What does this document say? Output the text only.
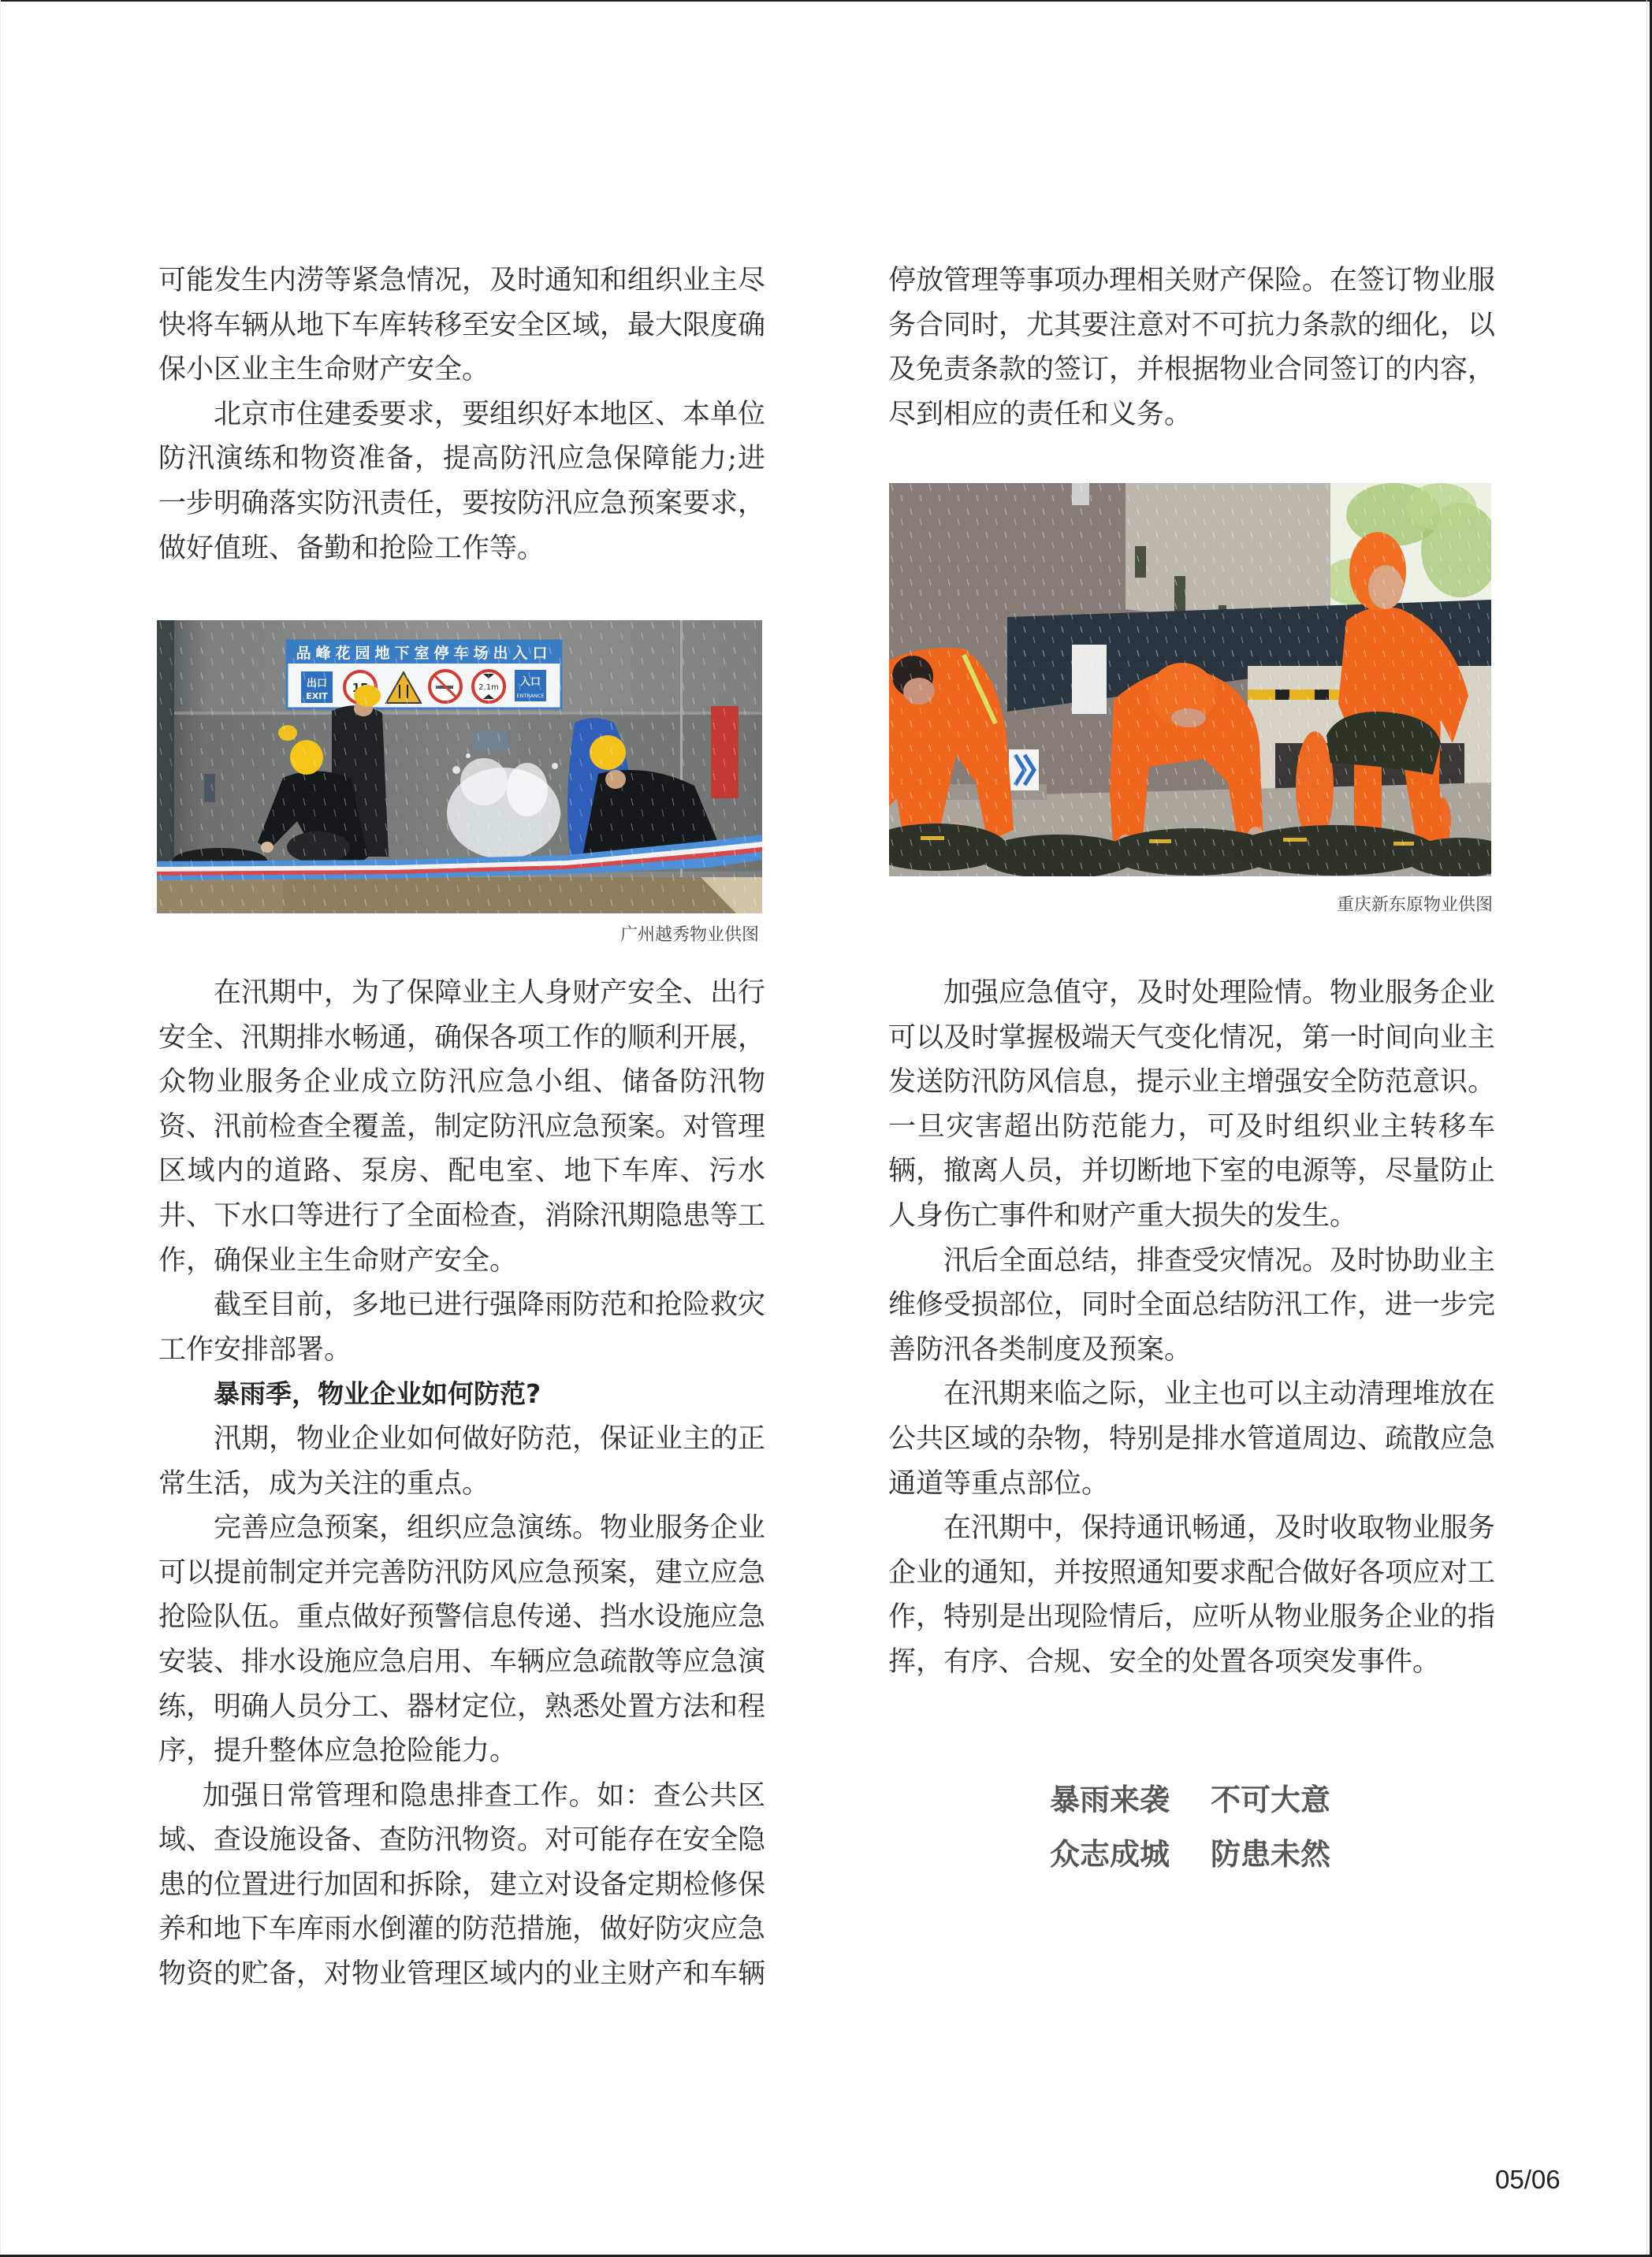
可能发生内涝等紧急情况，及时通知和组织业主尽
快将车辆从地下车库转移至安全区域，最大限度确
保小区业主生命财产安全。
北京市住建委要求，要组织好本地区、本单位
防汛演练和物资准备，提高防汛应急保障能力;进
一步明确落实防汛责任，要按防汛应急预案要求，
做好值班、备勤和抢险工作等。
广州越秀物业供图
在汛期中，为了保障业主人身财产安全、出行
安全、汛期排水畅通，确保各项工作的顺利开展，
众物业服务企业成立防汛应急小组、储备防汛物
资、汛前检查全覆盖，制定防汛应急预案。对管理
区域内的道路、泵房、配电室、地下车库、污水
井、下水口等进行了全面检查，消除汛期隐患等工
作，确保业主生命财产安全。
截至目前，多地已进行强降雨防范和抢险救灾
工作安排部署。
暴雨季，物业企业如何防范?
汛期，物业企业如何做好防范，保证业主的正
常生活，成为关注的重点。
完善应急预案，组织应急演练。物业服务企业
可以提前制定并完善防汛防风应急预案，建立应急
抢险队伍。重点做好预警信息传递、挡水设施应急
安装、排水设施应急启用、车辆应急疏散等应急演
练，明确人员分工、器材定位，熟悉处置方法和程
序，提升整体应急抢险能力。
加强日常管理和隐患排查工作。如：查公共区
域、查设施设备、查防汛物资。对可能存在安全隐
患的位置进行加固和拆除，建立对设备定期检修保
养和地下车库雨水倒灌的防范措施，做好防灾应急
物资的贮备，对物业管理区域内的业主财产和车辆
停放管理等事项办理相关财产保险。在签订物业服
务合同时，尤其要注意对不可抗力条款的细化，以
及免责条款的签订，并根据物业合同签订的内容，
尽到相应的责任和义务。
重庆新东原物业供图
加强应急值守，及时处理险情。物业服务企业
可以及时掌握极端天气变化情况，第一时间向业主
发送防汛防风信息，提示业主增强安全防范意识。
一旦灾害超出防范能力，可及时组织业主转移车
辆，撤离人员，并切断地下室的电源等，尽量防止
人身伤亡事件和财产重大损失的发生。
汛后全面总结，排查受灾情况。及时协助业主
维修受损部位，同时全面总结防汛工作，进一步完
善防汛各类制度及预案。
在汛期来临之际，业主也可以主动清理堆放在
公共区域的杂物，特别是排水管道周边、疏散应急
通道等重点部位。
在汛期中，保持通讯畅通，及时收取物业服务
企业的通知，并按照通知要求配合做好各项应对工
作，特别是出现险情后，应听从物业服务企业的指
挥，有序、合规、安全的处置各项突发事件。
暴雨来袭 不可大意
众志成城 防患未然
05/06
